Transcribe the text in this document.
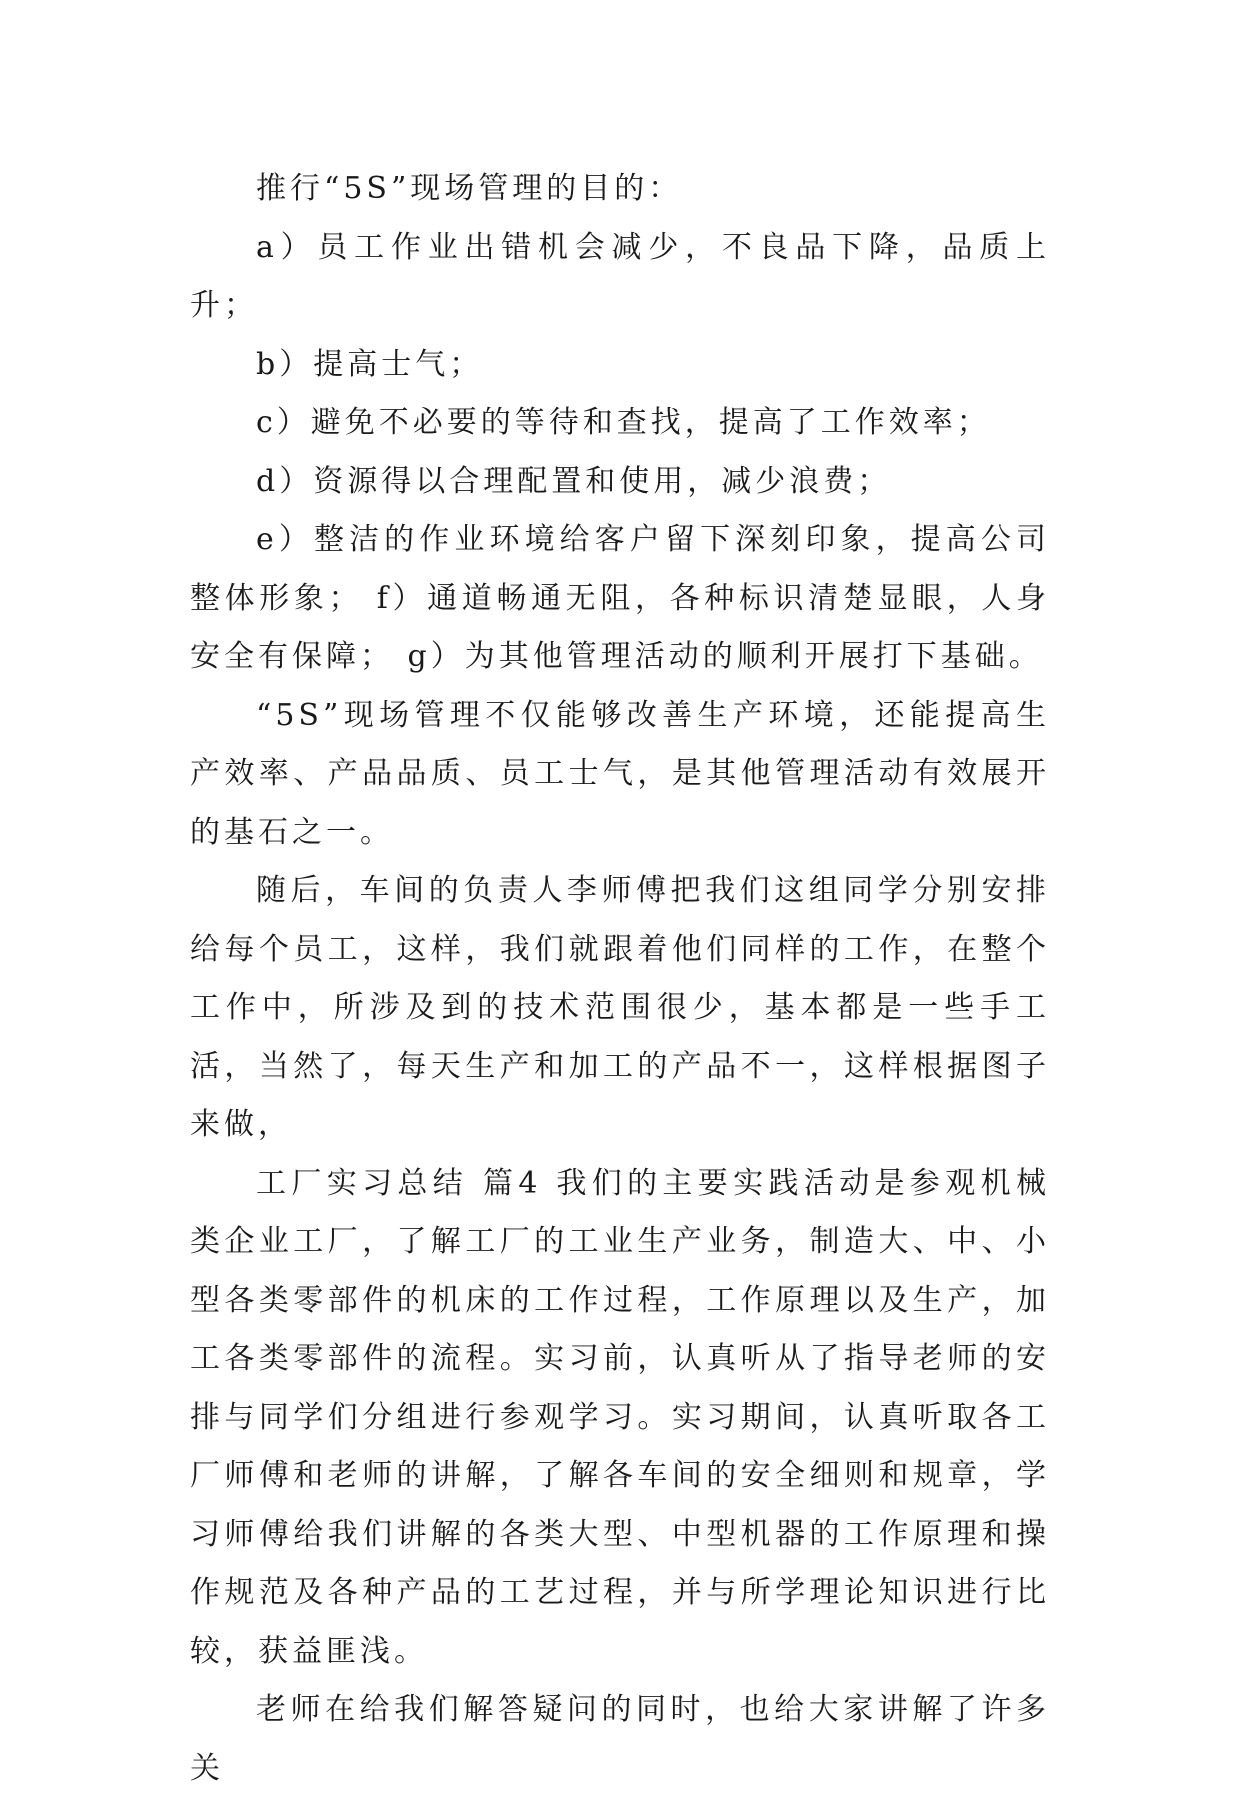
推行“5S”现场管理的目的：

a）员工作业出错机会减少，不良品下降，品质上升；

b）提高士气；

c）避免不必要的等待和查找，提高了工作效率；

d）资源得以合理配置和使用，减少浪费；

e）整洁的作业环境给客户留下深刻印象，提高公司整体形象； f）通道畅通无阻，各种标识清楚显眼，人身安全有保障； g）为其他管理活动的顺利开展打下基础。

“5S”现场管理不仅能够改善生产环境，还能提高生产效率、产品品质、员工士气，是其他管理活动有效展开的基石之一。

随后，车间的负责人李师傅把我们这组同学分别安排给每个员工，这样，我们就跟着他们同样的工作，在整个工作中，所涉及到的技术范围很少，基本都是一些手工活，当然了，每天生产和加工的产品不一，这样根据图子来做，

工厂实习总结 篇4 我们的主要实践活动是参观机械类企业工厂，了解工厂的工业生产业务，制造大、中、小型各类零部件的机床的工作过程，工作原理以及生产，加工各类零部件的流程。实习前，认真听从了指导老师的安排与同学们分组进行参观学习。实习期间，认真听取各工厂师傅和老师的讲解，了解各车间的安全细则和规章，学习师傅给我们讲解的各类大型、中型机器的工作原理和操作规范及各种产品的工艺过程，并与所学理论知识进行比较，获益匪浅。

老师在给我们解答疑问的同时，也给大家讲解了许多关
